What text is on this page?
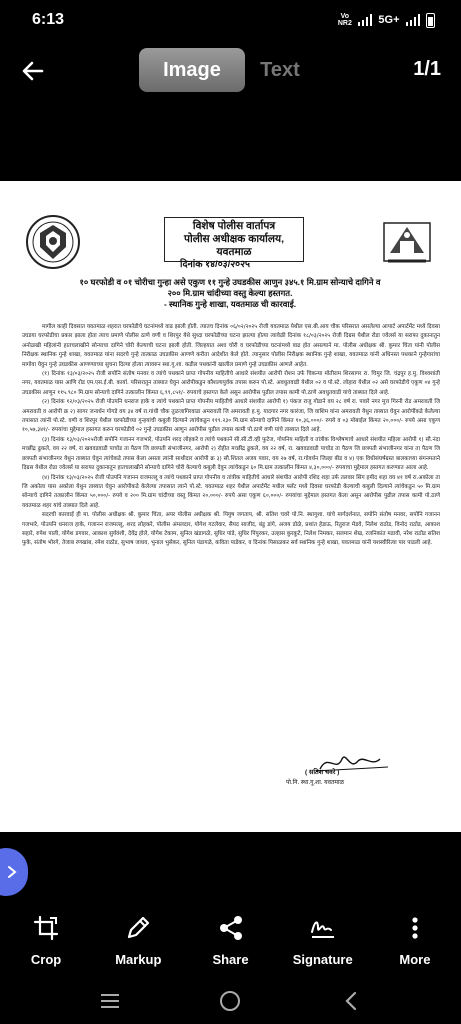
6:13	Vo
NR2 5G+
Image	Text	1/1
विशेष पोलीस वार्तापत्र
पोलीस अधीक्षक कार्यालय, यवतमाळ
दिनांक १४/०३/२०२५
१० घरफोडी व ०१ चोरीचा गुन्हा असे एकुण ११ गुन्हे उघडकीस आणुन ३४५.१ मि.ग्राम सोन्याचे दागिने व
२०० मि.ग्राम चांदीच्या वस्तु केल्या हस्तगत.
- स्थानिक गुन्हे शाखा, यवतमाळ ची कारवाई.

मागील काही दिवसात यवतमाळ शहरात घरफोडीचे घटनांमध्ये वाढ झाली होती. त्यातच दिनांक ०६/०२/२०२५ रोजी यवतमाळ येथील एस.बी.आय चौक परिसरात असलेल्या आपार्ट अपार्टमेंट मध्ये दिवसा उघडया घरफोडीचा प्रकार झाला होता त्याच प्रमाणे पोलीस ठाणे वणी व शिरपुर येथे सुध्दा घरफोडीच्या घटना झाल्या होत्या त्यावेळी दिनांक १८/०३/२०२५ रोजी दिग्रस येथील रोडा ज्वेलर्स या सराफा दुकानातुन अनोळखी महिलांनी हातचलाखीने सोन्याचा दागिने चोरी केल्याची घटना झाली होती. जिल्हयात अशा चोरी व घरफोडीच्या घटनांमध्ये वाढ होत असल्याने मा. पोलीस अधीक्षक श्री. कुमार चिंता यांनी पोलीस निरीक्षक स्थानिक गुन्हे शाखा, यवतमाळ यांना सदरचे गुन्हे तात्काळ उघडकीस आणणे करीता आदेशीत केले होते. त्यानुसार पोलीस निरीक्षक स्थानिक गुन्हे शाखा, यवतमाळ यांनी अधिनस्त पथकाने गुन्हेगारांचा मागोवा घेवुन गुन्हे उघडकीस आणण्याच्या सुचना दिल्या होत्या त्यावरुन स्था.गु.शा. कडील पथकांनी खालील प्रमाणे गुन्हे उघडकीस आणले आहेत.

(१) दिनांक १३/०३/२०२५ रोजी सपोनि संतोष मनवर व त्यांचे पथकाने प्राप्त गोपनीय माहितीचे आधारे संशयीत आरोपी रोशन उर्फ चिकन्या मोतीराम शिरसागर रा. चिमुर जि. चंद्रपुर ह.मु. विश्वशांती नगर, यवतमाळ यास आणि रोड एम.एस.ई.बी. कार्या. परिसरातुन ताब्यात घेवुन आरोपीकडुन कौशल्यपुर्वक तपास करुन पो.स्टे. अवधुतवाडी येथील ०२ व पो.स्टे. लोहारा येथील ०२ असे घरफोडीचे एकुण ०४ गुन्हे उघडकीस आणुन ११५.९८० मि.ग्राम सोन्याचे दागिने तत्कालीन किंमत ६,९९,८५१/- रुपयाचे हस्तगत केले असुन आरोपीस पुढील तपास कामी पो.ठाणे अवधुतवाडी यांचे ताब्यात दिले आहे.

(२) दिनांक १२/०३/२०२५ रोजी पोउपनि धनराज हाके व त्यांचे पथकाने प्राप्त गोपनीय माहितीचे आधारे संशयीत आरोपी १) पंकज राजु गोडाने वय २८ वर्ष रा. पवारे नगर मुत्त गिरनी रोड अमरावती जि अमरावती व आरोपी क्र २) सागर जनार्धन गोगडे वय ३४ वर्ष रा.गांधी चौक तुळजागिरवाडा अमरावती जि अमरावती ह.मु. यादगार नगर कारंजा, जि वाशिम यांना अमरावती येथुन ताब्यात घेवुन आरोपींकडे केलेल्या तपासात त्यांनी पो.स्टे. वणी व शिरपुर येथील घरफोडीच्या गुन्हयांची कबुली दिल्याने त्यांचेकडुन ११९.२३० मि.ग्राम सोन्याचे दागिने किंमत १०,३६,०००/- रुपये व ०३ मोबाईल किंमत २०,०००/- रुपये असा एकुण १०,५७,३४१/- रुपयांचा मुद्देमाल हस्तगत करुन घरफोडीचे ०२ गुन्हे उघडकीस आणुन आरोपीस पुढील तपास कामी पो.ठाणे वणी यांचे ताब्यात दिले आहे.

(३) दिनांक १३/०३/२०२५रोजी सपोनि गजानन गजभारे, पोउपनि शरद लोहकरे व त्यांचे पथकाने सी.सी.टी.व्ही फुटेज, गोपनिय माहिती व तांत्रीक विश्लेषणाचे आधारे संशयीत महिला आरोपी १) सौ.नंदा मच्छींद्र ढुकले, वय २२ वर्ष, रा खववडवाडी पाचोड ता पैठण जि छत्रपती संभाजीनगर, आरोपी २) रोहीत मच्छींद्र ढुकले, वय २२ वर्ष, रा. खववडवाडी पाचोड ता पैठण जि छत्रपती संभाजीनगर यांना ता पैठण जि छत्रपती संभाजीनगर येथुन ताब्यात घेवुन त्यांचेकडे तपास केला असता त्यांनी साथीदार आरोपी क्र ३) सौ.शितल अजय पवार, वय २७ वर्ष, रा.गोवर्धन जिल्हा बीड व ४) एक विधीसंघर्षग्रस्त बालकाच्या संगनमताने दिग्रस येथील रोडा ज्वेलर्स या सराफा दुकानातुन हातचलाखीने सोन्याचे दागिने चोरी केल्याचे कबुली देवुन त्यांचेकडुन ६० मि.ग्राम तत्कालीन किंमत ४,३०,०००/- रुपयाचा मुद्देमाल हस्तगत करण्यात आला आहे.

(४) दिनांक १३/०३/२०२५ रोजी पोउपनि गजानन राजमल्लू व त्यांचे पथकाने प्राप्त गोपनीय व तांत्रीक माहितीचे आधारे संशयीत आरोपी रशिद शहा उर्फ तलवार सिंग हमीद शहा वय ४१ वर्ष रा.अकोला ता जि अकोला यास अकोला येथुन ताब्यात घेवुन आरोपीकडे केलेल्या तपासात त्याने पो.स्टे. यवतमाळ शहर येथील अपार्टमेंट मधील फ्लॅट मध्ये दिवसा घरफोडी केल्याची कबुली दिल्याने त्यांचेकडुन ५० मि.ग्राम सोन्याचे दागिने तत्कालीन किंमत ५०,०००/- रुपये व २०० मि.ग्राम चांदीच्या वस्तु किंमत २०,०००/- रुपये असा एकुण ६०,०००/- रुपयांचा मुद्देमाल हस्तगत केला असुन आरोपीस पुढील तपास कामी पो.ठाणे यवतमाळ शहर यांचे ताब्यात दिले आहे.

सदरची कारवाई ही मा. पोलीस अधीक्षक श्री. कुमार चिंता, अपर पोलीस अधीक्षक श्री. पियुष जगताप, श्री. सतिश चवरे पो.नि. स्थागुशा. यांचे मार्गदर्शनात, सपोनि संतोष मनवर, सपोनि गजानन गजभारे, पोउपनि धनराज हाके, गजानन राजमल्लू, शरद लोहकरे, पोलीस अंमलदार, योगेश गटलेवार, सैयद साजीद, बंडु डांगे, अजय डोळे, प्रशांत हेडाऊ, रितुराज मेडवे, निलेश राठोड, विनोद राठोड, आकाश सहारे, रुपेश पाली, योगेश डगवार, आकाश सुर्यवंशी, देवेंद्र होले, योगेश टेकाम, सुनिल खंडागळे, सुधिर पांडे, सुधिर पिंपुरकर, उल्हास कुरकुटे, निलेश निमकर, सलमान शेख, रजनिकांत मडावी, नरेश राठोड सतिश फुके, संतोष भोरगे, तेजाब रणखांब, रमेश राठोड, सुभाष जाधव, भुनाल भुसेकर, सुनिल पंडागळे, कविता पाडेकर, व दिनांक पिसाळकर सर्व स्थानिक गुन्हे शाखा, यवतमाळ यांनी यशस्वीरित्या पार पाडली आहे.

( सतिश चवरे )
पो.नि. स्था.गु.शा. यवतमाळ
Crop	Markup	Share	Signature	More
